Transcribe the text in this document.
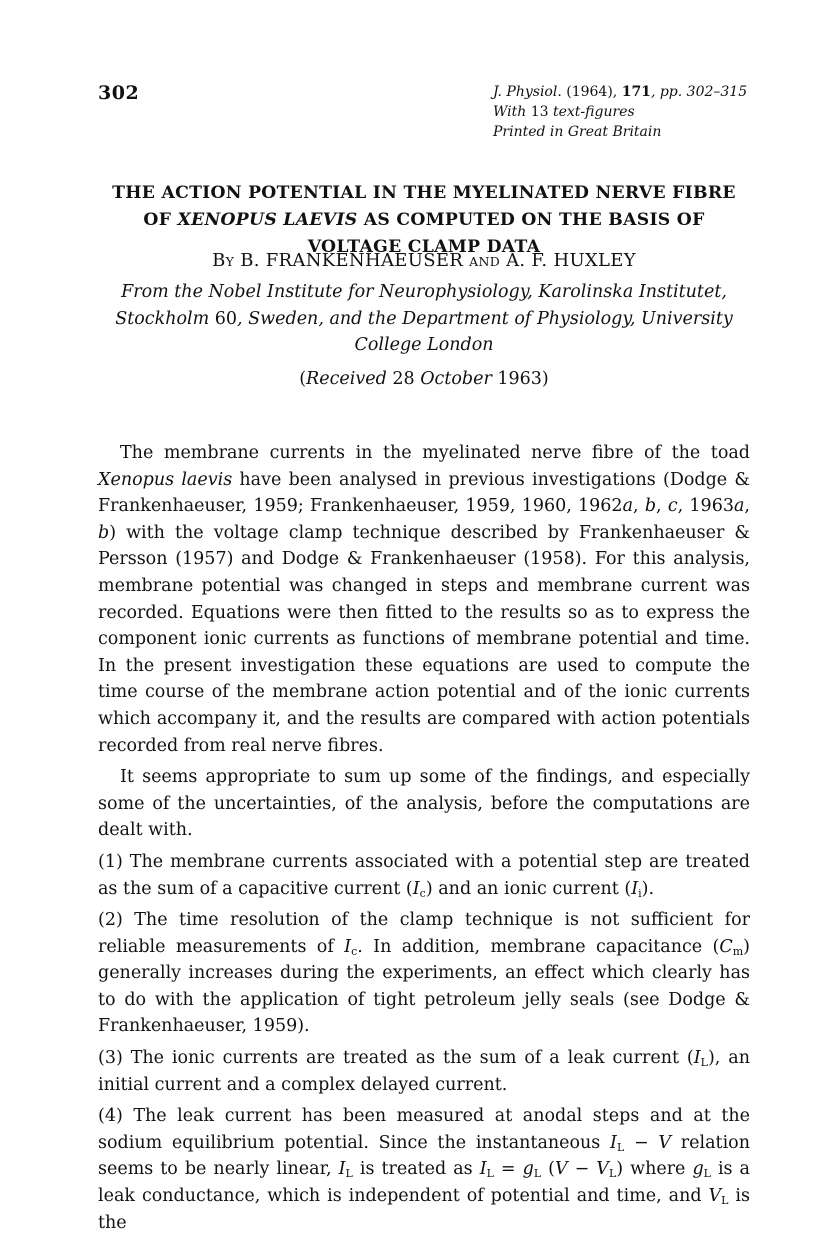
302	J. Physiol. (1964), 171, pp. 302–315
With 13 text-figures
Printed in Great Britain
THE ACTION POTENTIAL IN THE MYELINATED NERVE FIBRE OF XENOPUS LAEVIS AS COMPUTED ON THE BASIS OF VOLTAGE CLAMP DATA
BY B. FRANKENHAEUSER AND A. F. HUXLEY
From the Nobel Institute for Neurophysiology, Karolinska Institutet, Stockholm 60, Sweden, and the Department of Physiology, University College London
(Received 28 October 1963)

The membrane currents in the myelinated nerve fibre of the toad Xenopus laevis have been analysed in previous investigations (Dodge & Frankenhaeuser, 1959; Frankenhaeuser, 1959, 1960, 1962a, b, c, 1963a, b) with the voltage clamp technique described by Frankenhaeuser & Persson (1957) and Dodge & Frankenhaeuser (1958). For this analysis, membrane potential was changed in steps and membrane current was recorded. Equations were then fitted to the results so as to express the component ionic currents as functions of membrane potential and time. In the present investigation these equations are used to compute the time course of the membrane action potential and of the ionic currents which accompany it, and the results are compared with action potentials recorded from real nerve fibres.

It seems appropriate to sum up some of the findings, and especially some of the uncertainties, of the analysis, before the computations are dealt with.

(1) The membrane currents associated with a potential step are treated as the sum of a capacitive current $(I_c)$ and an ionic current $(I_i)$.

(2) The time resolution of the clamp technique is not sufficient for reliable measurements of $I_c$. In addition, membrane capacitance $(C_m)$ generally increases during the experiments, an effect which clearly has to do with the application of tight petroleum jelly seals (see Dodge & Frankenhaeuser, 1959).

(3) The ionic currents are treated as the sum of a leak current $(I_L)$, an initial current and a complex delayed current.

(4) The leak current has been measured at anodal steps and at the sodium equilibrium potential. Since the instantaneous $I_L - V$ relation seems to be nearly linear, $I_L$ is treated as $I_L = g_L$ $(V - V_L)$ where $g_L$ is a leak conductance, which is independent of potential and time, and $V_L$ is the
